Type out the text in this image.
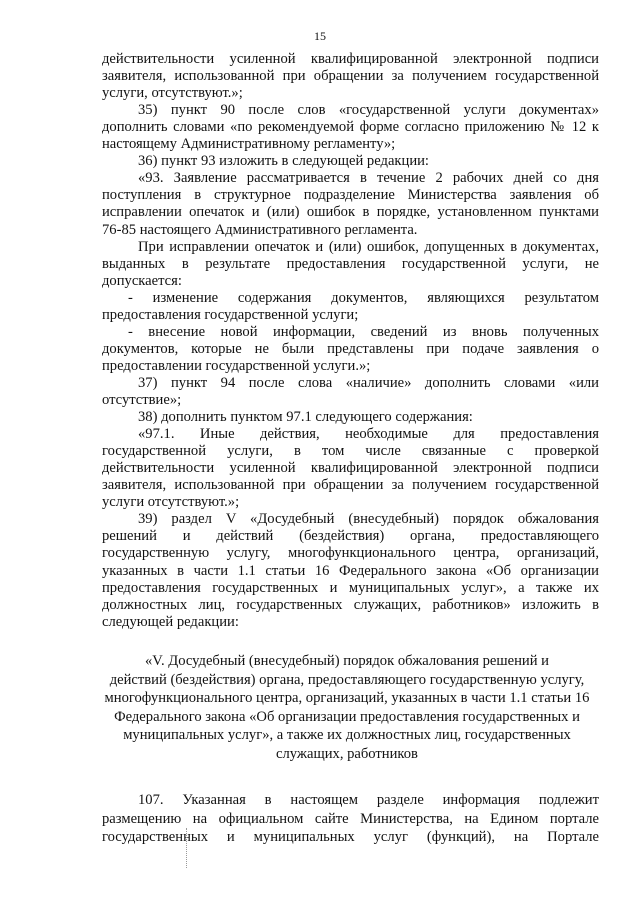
15
действительности усиленной квалифицированной электронной подписи
заявителя, использованной при обращении за получением государственной
услуги, отсутствуют.»;
35) пункт 90 после слов «государственной услуги документах»
дополнить словами «по рекомендуемой форме согласно приложению № 12 к
настоящему Административному регламенту»;
36) пункт 93 изложить в следующей редакции:
«93. Заявление рассматривается в течение 2 рабочих дней со дня
поступления в структурное подразделение Министерства заявления об
исправлении опечаток и (или) ошибок в порядке, установленном пунктами
76-85 настоящего Административного регламента.
При исправлении опечаток и (или) ошибок, допущенных в документах,
выданных в результате предоставления государственной услуги, не
допускается:
- изменение содержания документов, являющихся результатом
предоставления государственной услуги;
- внесение новой информации, сведений из вновь полученных
документов, которые не были представлены при подаче заявления о
предоставлении государственной услуги.»;
37) пункт 94 после слова «наличие» дополнить словами «или
отсутствие»;
38) дополнить пунктом 97.1 следующего содержания:
«97.1. Иные действия, необходимые для предоставления
государственной услуги, в том числе связанные с проверкой
действительности усиленной квалифицированной электронной подписи
заявителя, использованной при обращении за получением государственной
услуги отсутствуют.»;
39) раздел V «Досудебный (внесудебный) порядок обжалования
решений и действий (бездействия) органа, предоставляющего
государственную услугу, многофункционального центра, организаций,
указанных в части 1.1 статьи 16 Федерального закона «Об организации
предоставления государственных и муниципальных услуг», а также их
должностных лиц, государственных служащих, работников» изложить в
следующей редакции:
«V. Досудебный (внесудебный) порядок обжалования решений и
действий (бездействия) органа, предоставляющего государственную услугу,
многофункционального центра, организаций, указанных в части 1.1 статьи 16
Федерального закона «Об организации предоставления государственных и
муниципальных услуг», а также их должностных лиц, государственных
служащих, работников
107. Указанная в настоящем разделе информация подлежит
размещению на официальном сайте Министерства, на Едином портале
государственных и муниципальных услуг (функций), на Портале
